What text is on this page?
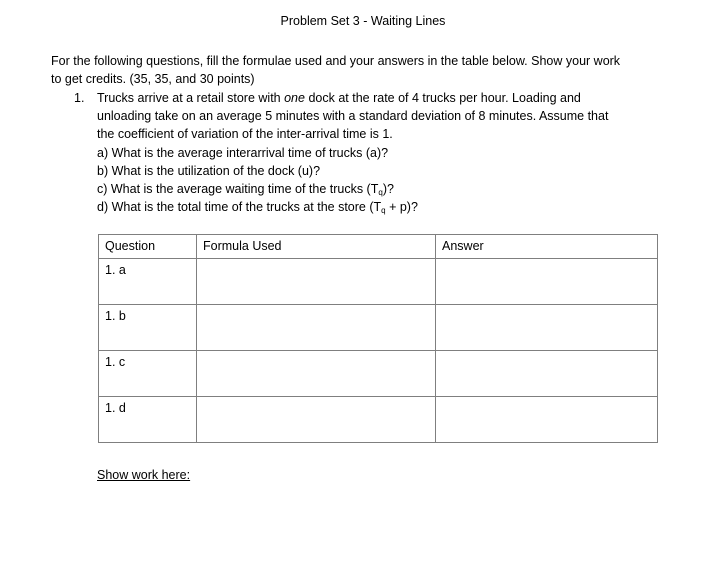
Problem Set 3 - Waiting Lines
For the following questions, fill the formulae used and your answers in the table below. Show your work
to get credits. (35, 35, and 30 points)
1. Trucks arrive at a retail store with one dock at the rate of 4 trucks per hour. Loading and
unloading take on an average 5 minutes with a standard deviation of 8 minutes. Assume that
the coefficient of variation of the inter-arrival time is 1.
a) What is the average interarrival time of trucks (a)?
b) What is the utilization of the dock (u)?
c) What is the average waiting time of the trucks $(T_q)$?
d) What is the total time of the trucks at the store $(T_q + p)$?
Question	Formula Used	Answer
1. a		
1. b		
1. c		
1. d		
Show work here:
